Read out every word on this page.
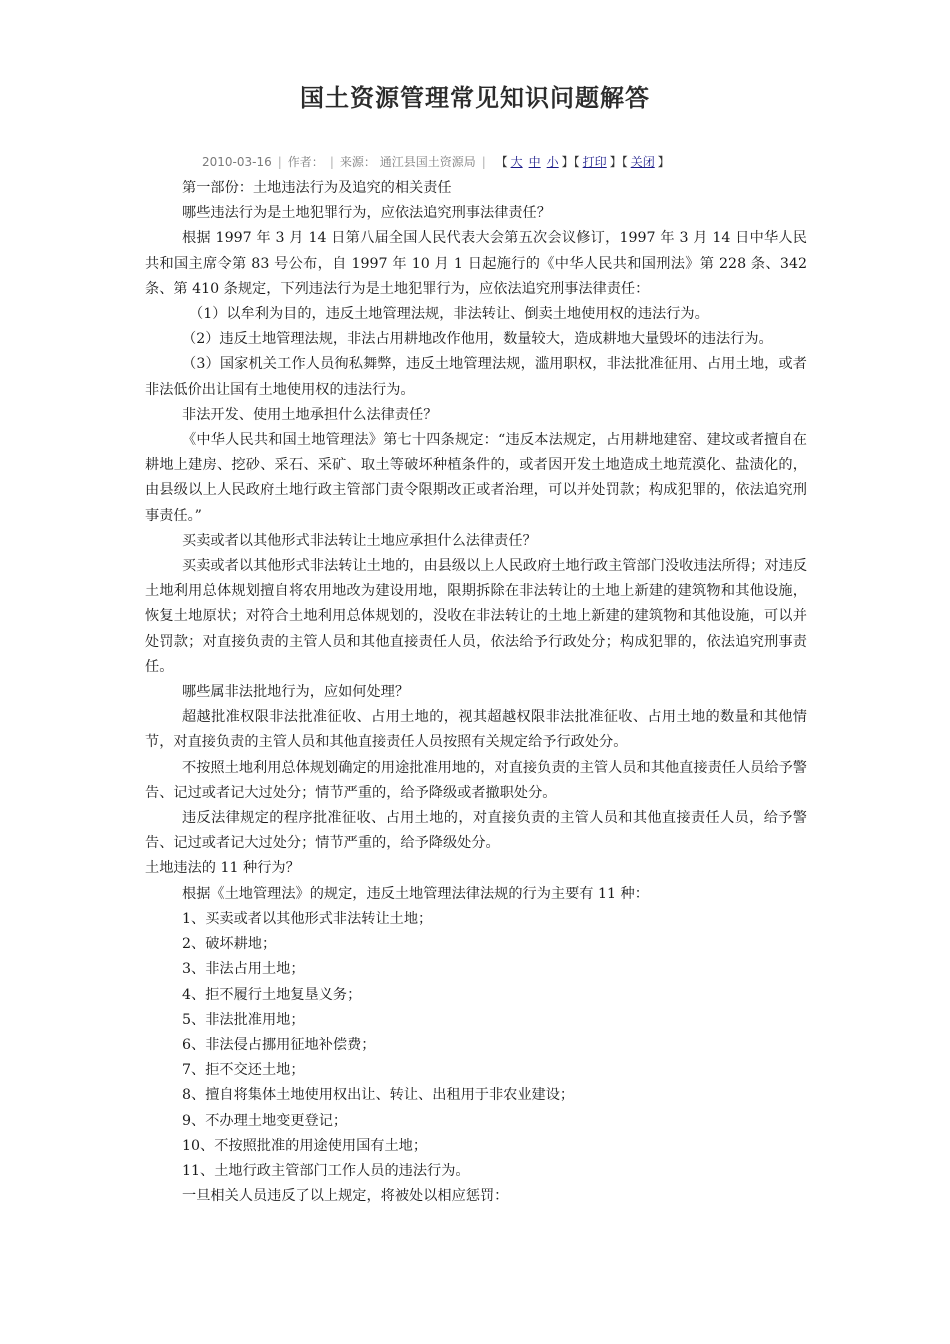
国土资源管理常见知识问题解答
2010-03-16 | 作者： | 来源： 通江县国土资源局 | 【 大 中 小 】【 打印 】【 关闭 】

第一部份：土地违法行为及追究的相关责任

哪些违法行为是土地犯罪行为，应依法追究刑事法律责任？

根据 1997 年 3 月 14 日第八届全国人民代表大会第五次会议修订，1997 年 3 月 14 日中华人民共和国主席令第 83 号公布，自 1997 年 10 月 1 日起施行的《中华人民共和国刑法》第 228 条、342 条、第 410 条规定，下列违法行为是土地犯罪行为，应依法追究刑事法律责任：

（1）以牟利为目的，违反土地管理法规，非法转让、倒卖土地使用权的违法行为。

（2）违反土地管理法规，非法占用耕地改作他用，数量较大，造成耕地大量毁坏的违法行为。

（3）国家机关工作人员徇私舞弊，违反土地管理法规，滥用职权，非法批准征用、占用土地，或者非法低价出让国有土地使用权的违法行为。

非法开发、使用土地承担什么法律责任？

《中华人民共和国土地管理法》第七十四条规定：“违反本法规定，占用耕地建窑、建坟或者擅自在耕地上建房、挖砂、采石、采矿、取土等破坏种植条件的，或者因开发土地造成土地荒漠化、盐渍化的，由县级以上人民政府土地行政主管部门责令限期改正或者治理，可以并处罚款；构成犯罪的，依法追究刑事责任。”

买卖或者以其他形式非法转让土地应承担什么法律责任？

买卖或者以其他形式非法转让土地的，由县级以上人民政府土地行政主管部门没收违法所得；对违反土地利用总体规划擅自将农用地改为建设用地，限期拆除在非法转让的土地上新建的建筑物和其他设施，恢复土地原状；对符合土地利用总体规划的，没收在非法转让的土地上新建的建筑物和其他设施，可以并处罚款；对直接负责的主管人员和其他直接责任人员，依法给予行政处分；构成犯罪的，依法追究刑事责任。

哪些属非法批地行为，应如何处理？

超越批准权限非法批准征收、占用土地的，视其超越权限非法批准征收、占用土地的数量和其他情节，对直接负责的主管人员和其他直接责任人员按照有关规定给予行政处分。

不按照土地利用总体规划确定的用途批准用地的，对直接负责的主管人员和其他直接责任人员给予警告、记过或者记大过处分；情节严重的，给予降级或者撤职处分。

违反法律规定的程序批准征收、占用土地的，对直接负责的主管人员和其他直接责任人员，给予警告、记过或者记大过处分；情节严重的，给予降级处分。

土地违法的 11 种行为？

根据《土地管理法》的规定，违反土地管理法律法规的行为主要有 11 种：

1、买卖或者以其他形式非法转让土地；

2、破坏耕地；

3、非法占用土地；

4、拒不履行土地复垦义务；

5、非法批准用地；

6、非法侵占挪用征地补偿费；

7、拒不交还土地；

8、擅自将集体土地使用权出让、转让、出租用于非农业建设；

9、不办理土地变更登记；

10、不按照批准的用途使用国有土地；

11、土地行政主管部门工作人员的违法行为。

一旦相关人员违反了以上规定，将被处以相应惩罚：
